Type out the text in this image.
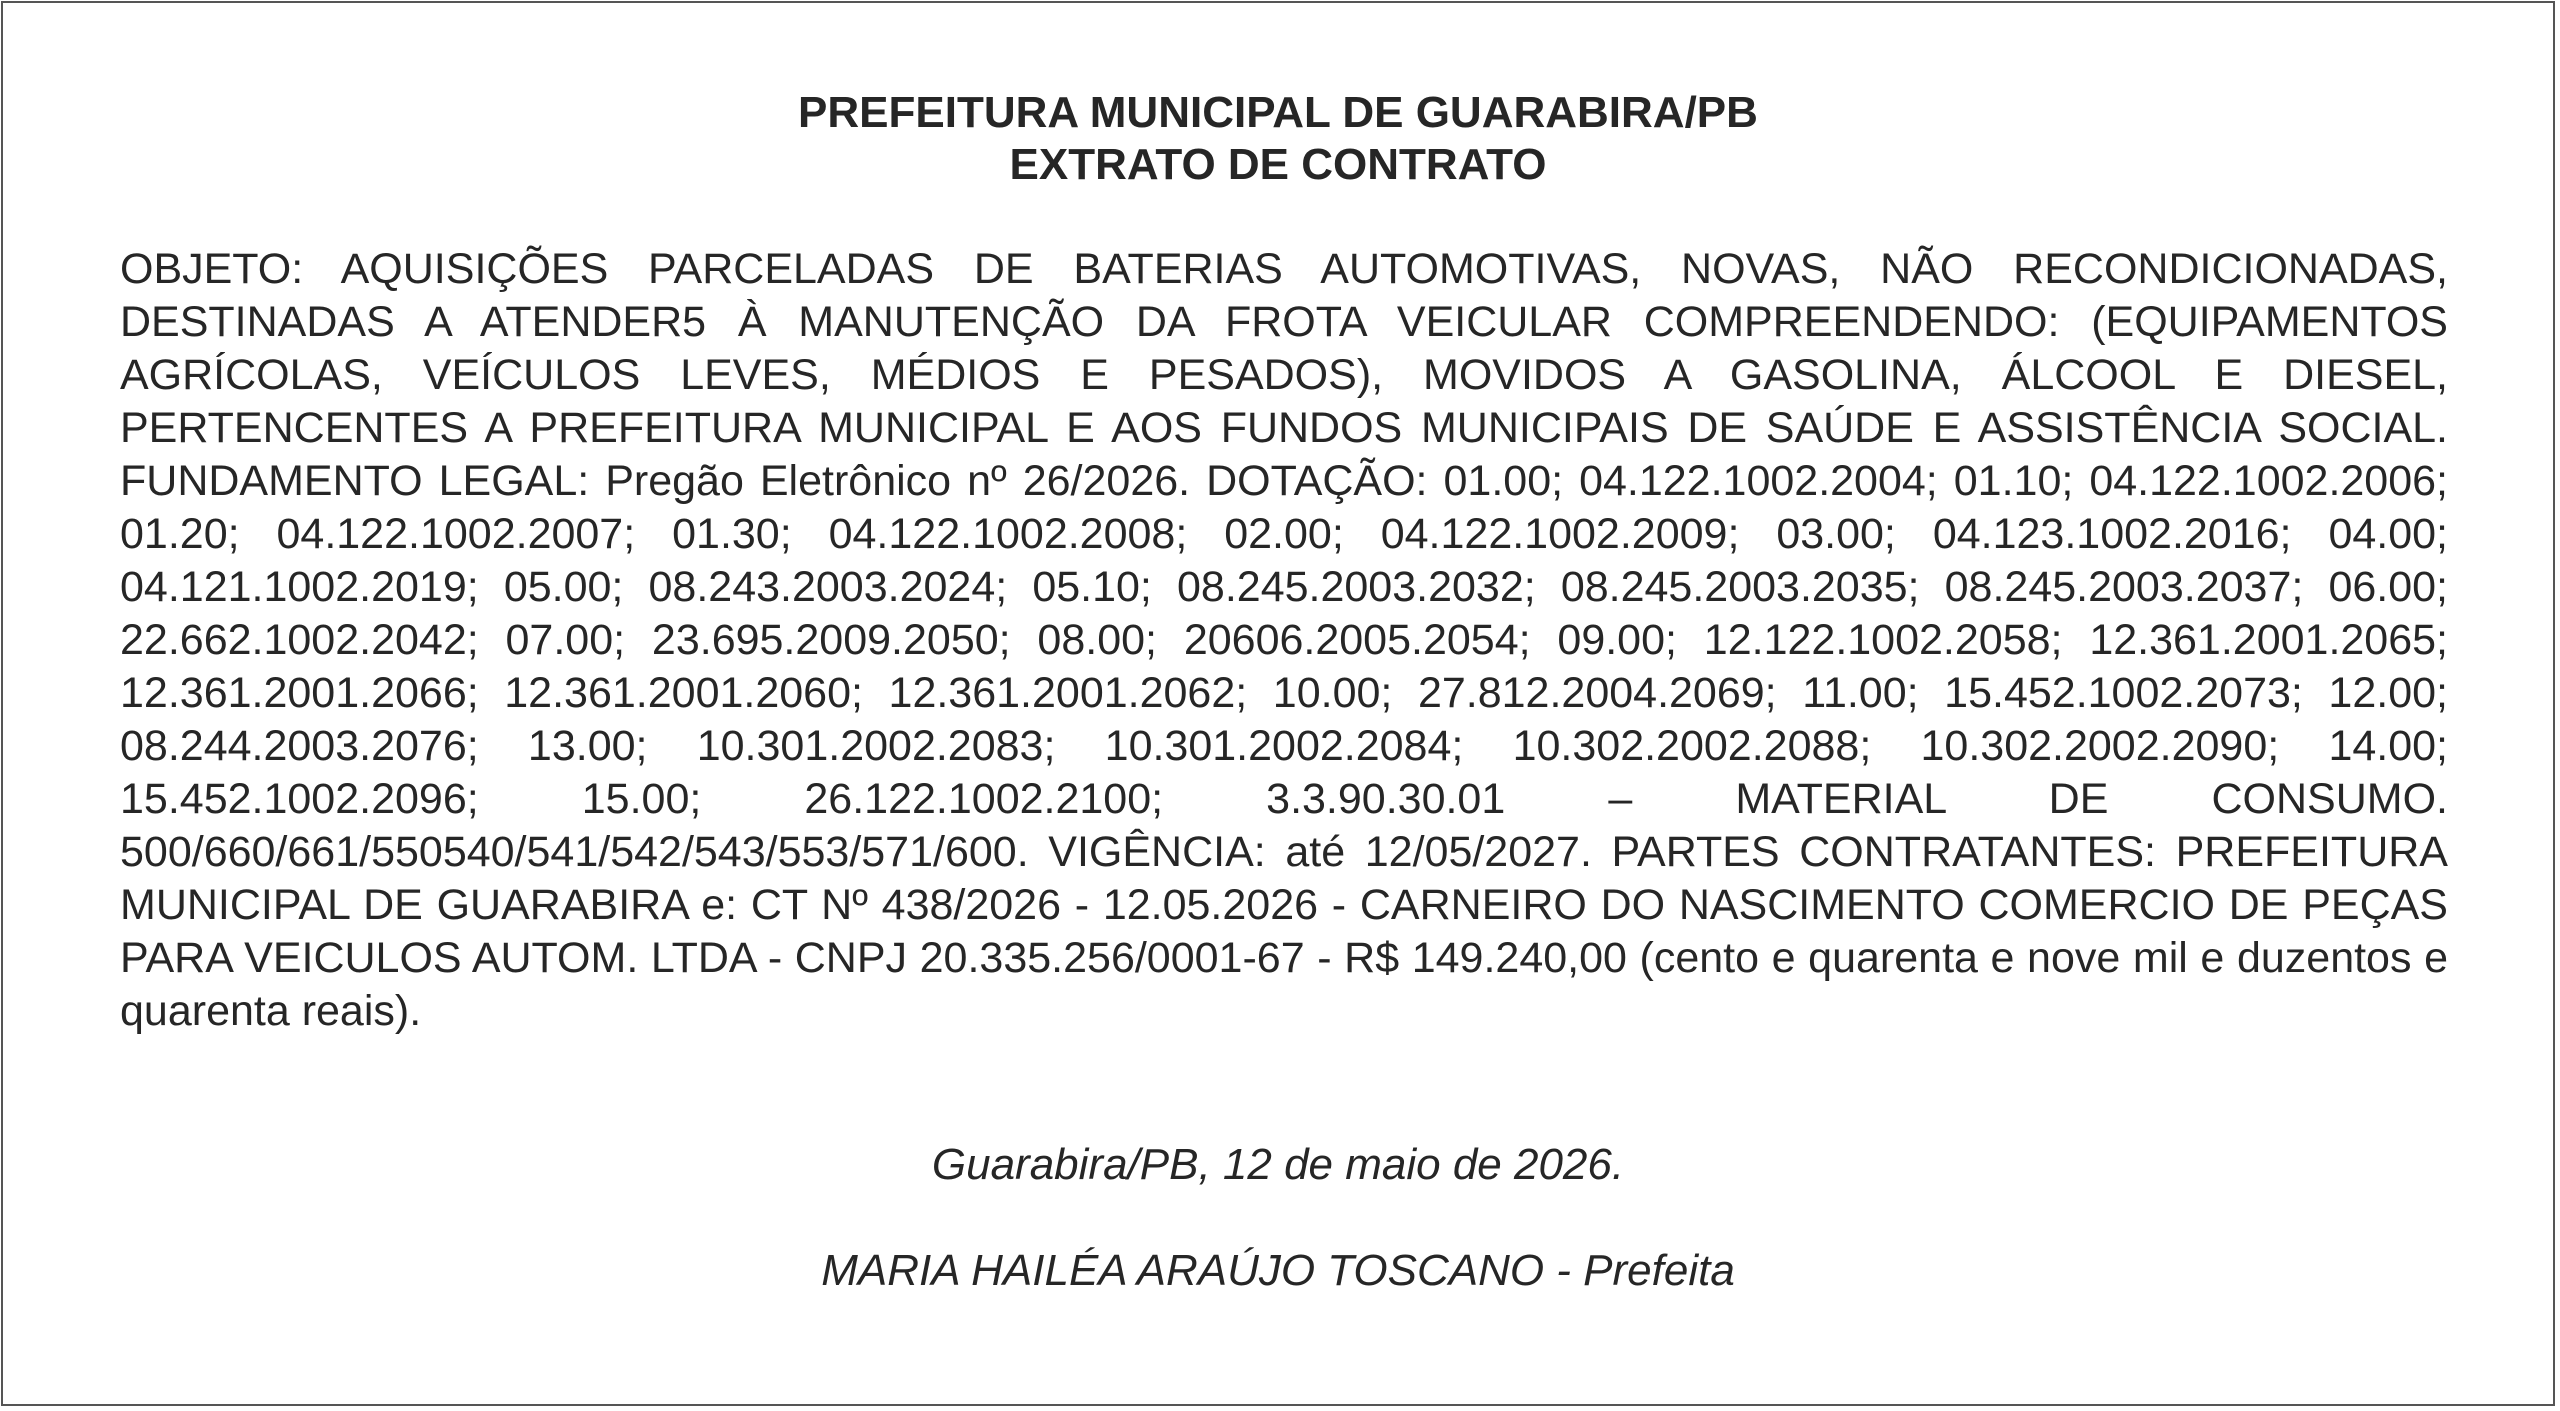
PREFEITURA MUNICIPAL DE GUARABIRA/PB
EXTRATO DE CONTRATO

OBJETO: AQUISIÇÕES PARCELADAS DE BATERIAS AUTOMOTIVAS, NOVAS, NÃO RECONDICIONADAS, DESTINADAS A ATENDER5 À MANUTENÇÃO DA FROTA VEICULAR COMPREENDENDO: (EQUIPAMENTOS AGRÍCOLAS, VEÍCULOS LEVES, MÉDIOS E PESADOS), MOVIDOS A GASOLINA, ÁLCOOL E DIESEL, PERTENCENTES A PREFEITURA MUNICIPAL E AOS FUNDOS MUNICIPAIS DE SAÚDE E ASSISTÊNCIA SOCIAL. FUNDAMENTO LEGAL: Pregão Eletrônico nº 26/2026. DOTAÇÃO: 01.00; 04.122.1002.2004; 01.10; 04.122.1002.2006; 01.20; 04.122.1002.2007; 01.30; 04.122.1002.2008; 02.00; 04.122.1002.2009; 03.00; 04.123.1002.2016; 04.00; 04.121.1002.2019; 05.00; 08.243.2003.2024; 05.10; 08.245.2003.2032; 08.245.2003.2035; 08.245.2003.2037; 06.00; 22.662.1002.2042; 07.00; 23.695.2009.2050; 08.00; 20606.2005.2054; 09.00; 12.122.1002.2058; 12.361.2001.2065; 12.361.2001.2066; 12.361.2001.2060; 12.361.2001.2062; 10.00; 27.812.2004.2069; 11.00; 15.452.1002.2073; 12.00; 08.244.2003.2076; 13.00; 10.301.2002.2083; 10.301.2002.2084; 10.302.2002.2088; 10.302.2002.2090; 14.00; 15.452.1002.2096; 15.00; 26.122.1002.2100; 3.3.90.30.01 – MATERIAL DE CONSUMO. 500/660/661/550540/541/542/543/553/571/600. VIGÊNCIA: até 12/05/2027. PARTES CONTRATANTES: PREFEITURA MUNICIPAL DE GUARABIRA e: CT Nº 438/2026 - 12.05.2026 - CARNEIRO DO NASCIMENTO COMERCIO DE PEÇAS PARA VEICULOS AUTOM. LTDA - CNPJ 20.335.256/0001-67 - R$ 149.240,00 (cento e quarenta e nove mil e duzentos e quarenta reais).

Guarabira/PB, 12 de maio de 2026.
MARIA HAILÉA ARAÚJO TOSCANO - Prefeita
